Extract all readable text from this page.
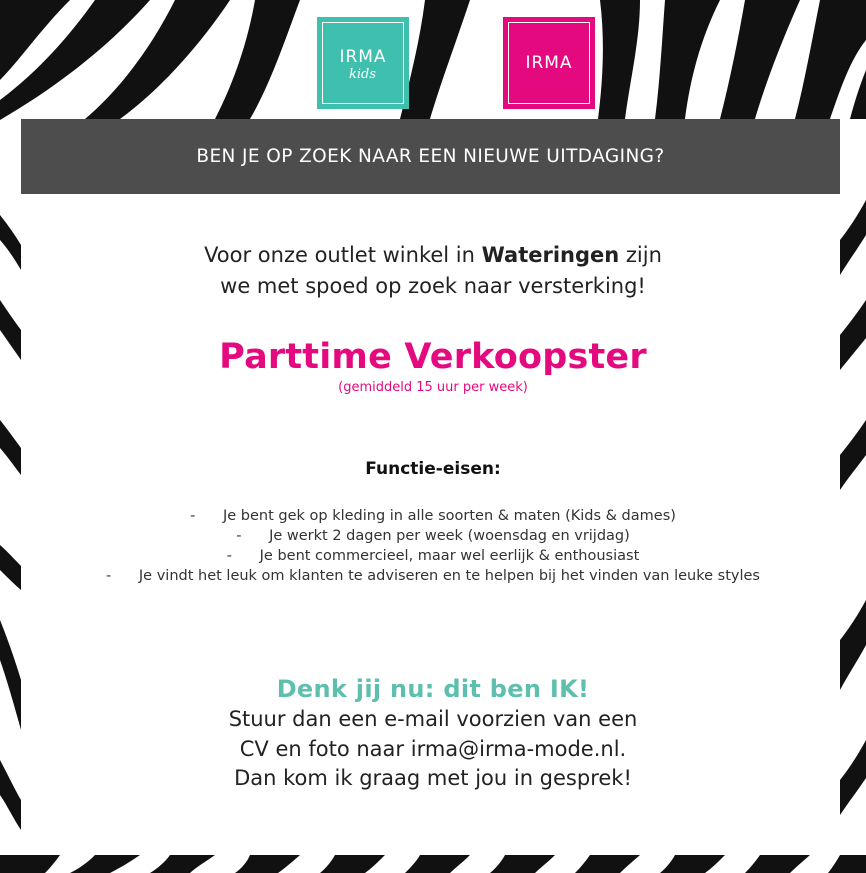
IRMA
kids
IRMA
BEN JE OP ZOEK NAAR EEN NIEUWE UITDAGING?
Voor onze outlet winkel in Wateringen zijn
we met spoed op zoek naar versterking!
Parttime Verkoopster
(gemiddeld 15 uur per week)
Functie-eisen:
-      Je bent gek op kleding in alle soorten & maten (Kids & dames)
-      Je werkt 2 dagen per week (woensdag en vrijdag)
-      Je bent commercieel, maar wel eerlijk & enthousiast
-      Je vindt het leuk om klanten te adviseren en te helpen bij het vinden van leuke styles
Denk jij nu: dit ben IK!
Stuur dan een e-mail voorzien van een
CV en foto naar irma@irma-mode.nl.
Dan kom ik graag met jou in gesprek!
